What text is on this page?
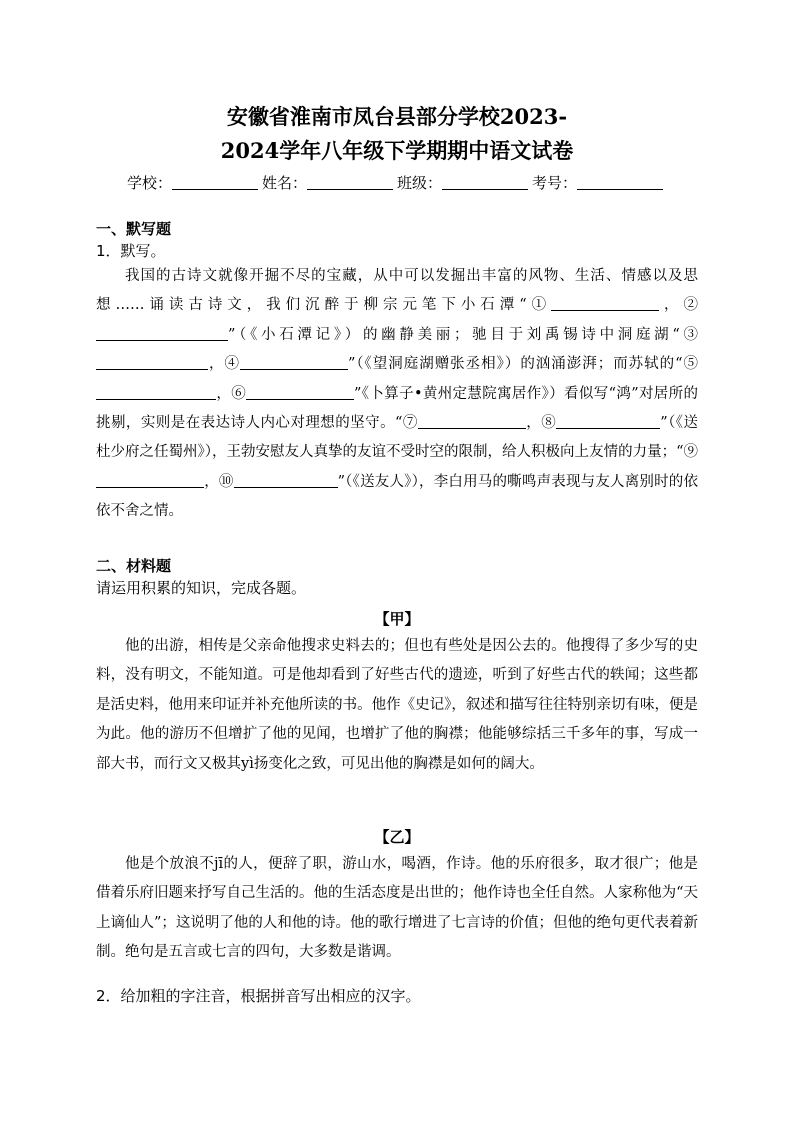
安徽省淮南市凤台县部分学校2023-
2024学年八年级下学期期中语文试卷
学校：	姓名：	班级：	考号：
一、默写题
1．默写。

我国的古诗文就像开掘不尽的宝藏，从中可以发掘出丰富的风物、生活、情感以及思想……诵读古诗文，我们沉醉于柳宗元笔下小石潭“①	，②”（《小石潭记》）的幽静美丽；驰目于刘禹锡诗中洞庭湖“③，④	”（《望洞庭湖赠张丞相》）的汹涌澎湃；而苏轼的“⑤，⑥	”《卜算子•黄州定慧院寓居作》）看似写“鸿”对居所的挑剔，实则是在表达诗人内心对理想的坚守。“⑦	，⑧	”（《送杜少府之任蜀州》），王勃安慰友人真挚的友谊不受时空的限制，给人积极向上友情的力量；“⑨，⑩	”（《送友人》），李白用马的嘶鸣声表现与友人离别时的依依不舍之情。

二、材料题
请运用积累的知识，完成各题。
【甲】

他的出游，相传是父亲命他搜求史料去的；但也有些处是因公去的。他搜得了多少写的史料，没有明文，不能知道。可是他却看到了好些古代的遗迹，听到了好些古代的轶闻；这些都是活史料，他用来印证并补充他所读的书。他作《史记》，叙述和描写往往特别亲切有味，便是为此。他的游历不但增扩了他的见闻，也增扩了他的胸襟；他能够综括三千多年的事，写成一部大书，而行文又极其yì扬变化之致，可见出他的胸襟是如何的阔大。

【乙】

他是个放浪不jī的人，便辞了职，游山水，喝酒，作诗。他的乐府很多，取才很广；他是借着乐府旧题来抒写自己生活的。他的生活态度是出世的；他作诗也全任自然。人家称他为“天上谪仙人”；这说明了他的人和他的诗。他的歌行增进了七言诗的价值；但他的绝句更代表着新制。绝句是五言或七言的四句，大多数是谐调。

2．给加粗的字注音，根据拼音写出相应的汉字。
